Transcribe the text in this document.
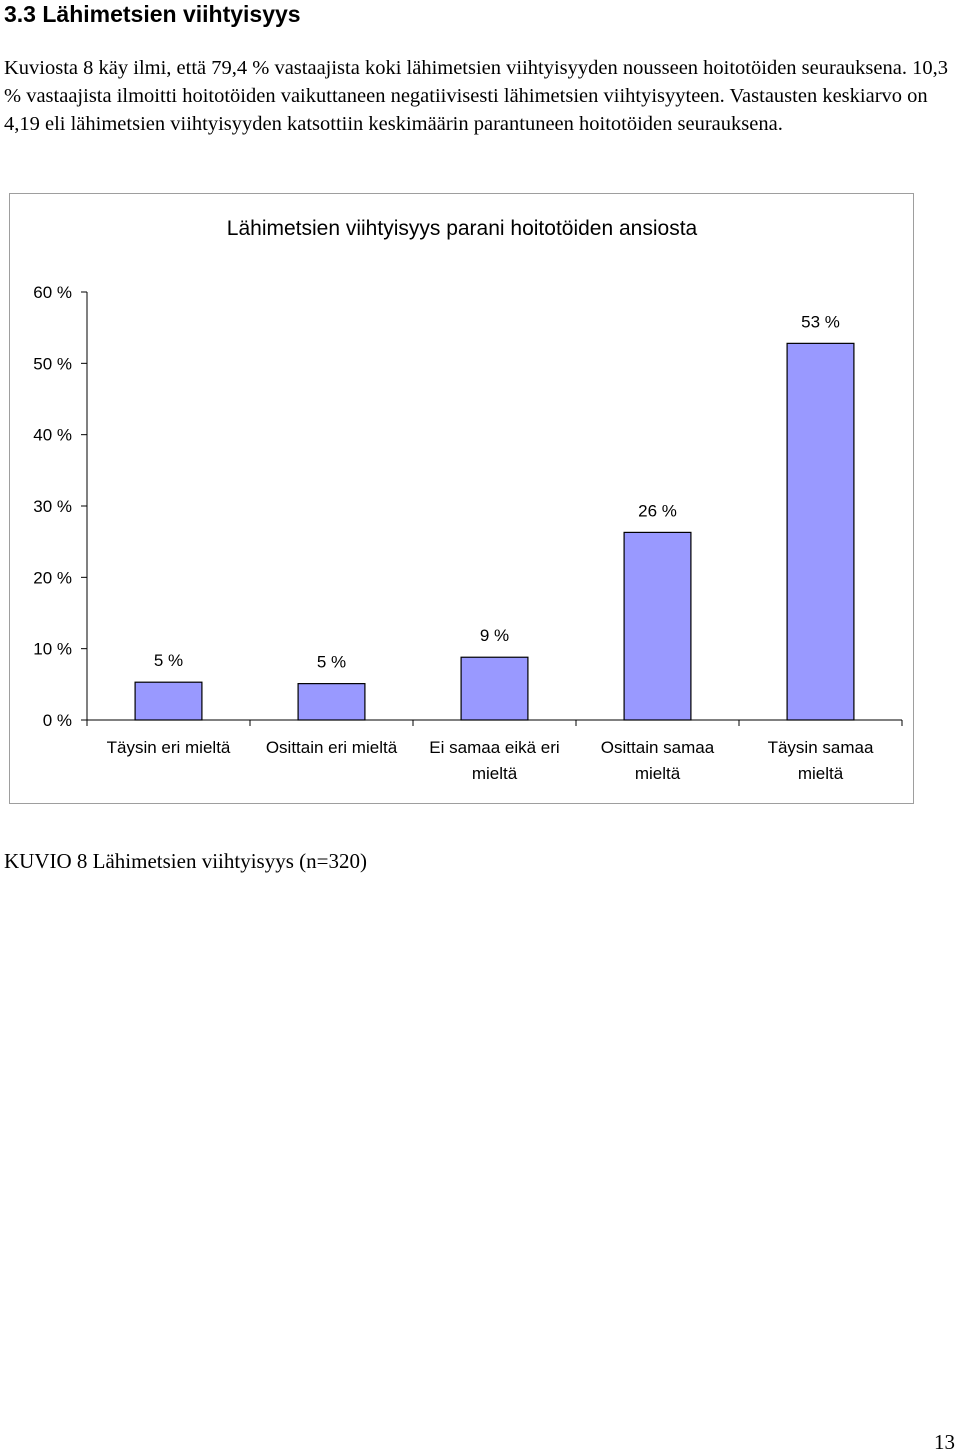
3.3 Lähimetsien viihtyisyys
Kuviosta 8 käy ilmi, että 79,4 % vastaajista koki lähimetsien viihtyisyyden nousseen hoitotöiden seurauksena. 10,3 % vastaajista ilmoitti hoitotöiden vaikuttaneen negatiivisesti lähimetsien viihtyisyyteen. Vastausten keskiarvo on 4,19 eli lähimetsien viihtyisyyden katsottiin keskimäärin parantuneen hoitotöiden seurauksena.
Lähimetsien viihtyisyys parani hoitotöiden ansiosta
0 %
10 %
20 %
30 %
40 %
50 %
60 %
5 %
Täysin eri mieltä
5 %
Osittain eri mieltä
9 %
Ei samaa eikä eri
mieltä
26 %
Osittain samaa
mieltä
53 %
Täysin samaa
mieltä
KUVIO 8 Lähimetsien viihtyisyys (n=320)
13
